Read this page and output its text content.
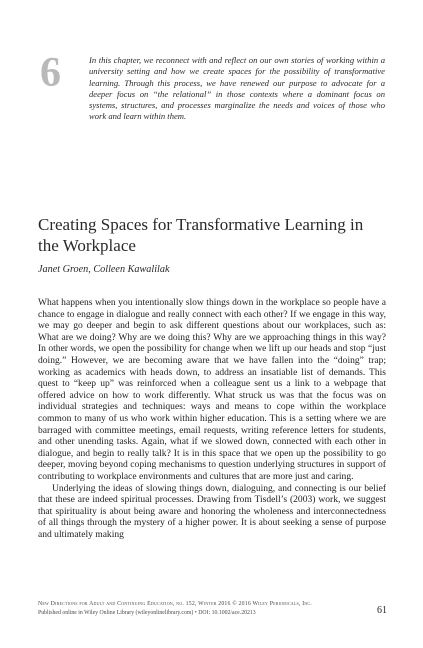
6	In this chapter, we reconnect with and reflect on our own stories of working within a university setting and how we create spaces for the possibility of transformative learning. Through this process, we have renewed our purpose to advocate for a deeper focus on “the relational” in those contexts where a dominant focus on systems, structures, and processes marginalize the needs and voices of those who work and learn within them.
Creating Spaces for Transformative Learning in the Workplace
Janet Groen, Colleen Kawalilak

What happens when you intentionally slow things down in the workplace so people have a chance to engage in dialogue and really connect with each other? If we engage in this way, we may go deeper and begin to ask different questions about our workplaces, such as: What are we doing? Why are we doing this? Why are we approaching things in this way? In other words, we open the possibility for change when we lift up our heads and stop “just doing.” However, we are becoming aware that we have fallen into the “doing” trap; working as academics with heads down, to address an insatiable list of demands. This quest to “keep up” was reinforced when a colleague sent us a link to a webpage that offered advice on how to work differently. What struck us was that the focus was on individual strategies and techniques: ways and means to cope within the workplace common to many of us who work within higher education. This is a setting where we are barraged with committee meetings, email requests, writing reference letters for students, and other unending tasks. Again, what if we slowed down, connected with each other in dialogue, and begin to really talk? It is in this space that we open up the possibility to go deeper, moving beyond coping mechanisms to question underlying structures in support of contributing to workplace environments and cultures that are more just and caring.

Underlying the ideas of slowing things down, dialoguing, and connecting is our belief that these are indeed spiritual processes. Drawing from Tisdell’s (2003) work, we suggest that spirituality is about being aware and honoring the wholeness and interconnectedness of all things through the mystery of a higher power. It is about seeking a sense of purpose and ultimately making

New Directions for Adult and Continuing Education, no. 152, Winter 2016 © 2016 Wiley Periodicals, Inc.
Published online in Wiley Online Library (wileyonlinelibrary.com) • DOI: 10.1002/ace.20213	61
